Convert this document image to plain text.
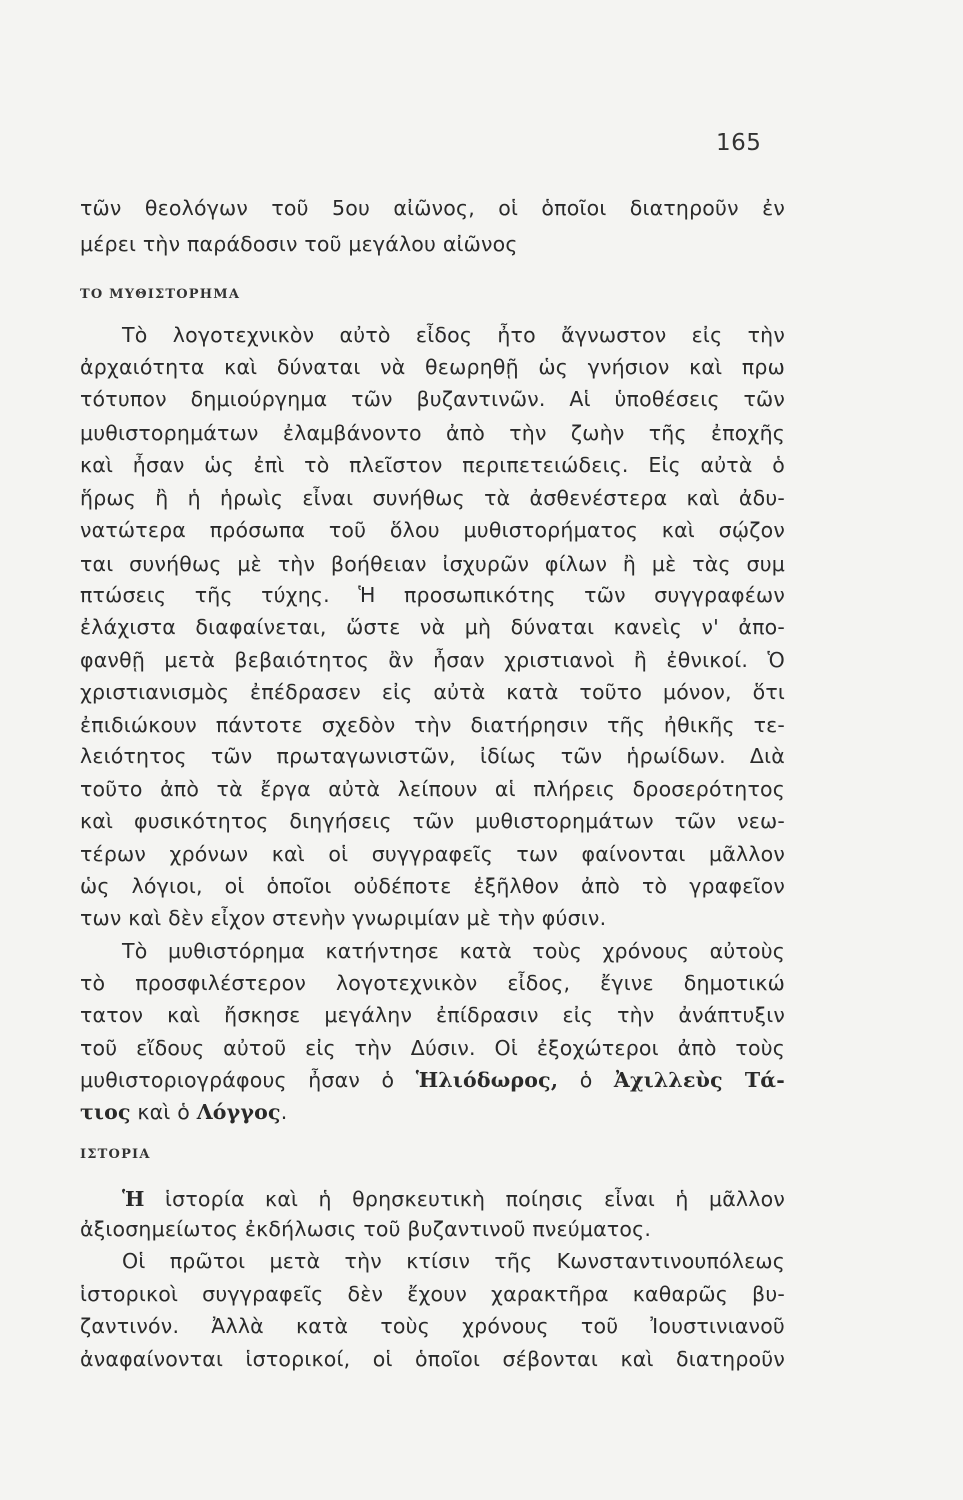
165
τῶν θεολόγων τοῦ 5ου αἰῶνος, οἱ ὁποῖοι διατηροῦν ἐν
μέρει τὴν παράδοσιν τοῦ μεγάλου αἰῶνος
ΤΟ ΜΥΘΙΣΤΟΡΗΜΑ
Τὸ λογοτεχνικὸν αὐτὸ εἶδος ἦτο ἄγνωστον εἰς τὴν
ἀρχαιότητα καὶ δύναται νὰ θεωρηθῇ ὡς γνήσιον καὶ πρω
τότυπον δημιούργημα τῶν βυζαντινῶν. Αἱ ὑποθέσεις τῶν
μυθιστορημάτων ἐλαμβάνοντο ἀπὸ τὴν ζωὴν τῆς ἐποχῆς
καὶ ἦσαν ὡς ἐπὶ τὸ πλεῖστον περιπετειώδεις. Εἰς αὐτὰ ὁ
ἥρως ἢ ἡ ἡρωὶς εἶναι συνήθως τὰ ἀσθενέστερα καὶ ἀδυ-
νατώτερα πρόσωπα τοῦ ὅλου μυθιστορήματος καὶ σῴζον
ται συνήθως μὲ τὴν βοήθειαν ἰσχυρῶν φίλων ἢ μὲ τὰς συμ
πτώσεις τῆς τύχης. Ἡ προσωπικότης τῶν συγγραφέων
ἐλάχιστα διαφαίνεται, ὥστε νὰ μὴ δύναται κανεὶς ν' ἀπο-
φανθῇ μετὰ βεβαιότητος ἂν ἦσαν χριστιανοὶ ἢ ἐθνικοί. Ὁ
χριστιανισμὸς ἐπέδρασεν εἰς αὐτὰ κατὰ τοῦτο μόνον, ὅτι
ἐπιδιώκουν πάντοτε σχεδὸν τὴν διατήρησιν τῆς ἠθικῆς τε-
λειότητος τῶν πρωταγωνιστῶν, ἰδίως τῶν ἡρωίδων. Διὰ
τοῦτο ἀπὸ τὰ ἔργα αὐτὰ λείπουν αἱ πλήρεις δροσερότητος
καὶ φυσικότητος διηγήσεις τῶν μυθιστορημάτων τῶν νεω-
τέρων χρόνων καὶ οἱ συγγραφεῖς των φαίνονται μᾶλλον
ὡς λόγιοι, οἱ ὁποῖοι οὐδέποτε ἐξῆλθον ἀπὸ τὸ γραφεῖον
των καὶ δὲν εἶχον στενὴν γνωριμίαν μὲ τὴν φύσιν.
Τὸ μυθιστόρημα κατήντησε κατὰ τοὺς χρόνους αὐτοὺς
τὸ προσφιλέστερον λογοτεχνικὸν εἶδος, ἔγινε δημοτικώ
τατον καὶ ἤσκησε μεγάλην ἐπίδρασιν εἰς τὴν ἀνάπτυξιν
τοῦ εἴδους αὐτοῦ εἰς τὴν Δύσιν. Οἱ ἐξοχώτεροι ἀπὸ τοὺς
μυθιστοριογράφους ἦσαν ὁ Ἡλιόδωρος, ὁ Ἀχιλλεὺς Τά-
τιος καὶ ὁ Λόγγος.
ΙΣΤΟΡΙΑ
Ἡ ἱστορία καὶ ἡ θρησκευτικὴ ποίησις εἶναι ἡ μᾶλλον
ἀξιοσημείωτος ἐκδήλωσις τοῦ βυζαντινοῦ πνεύματος.
Οἱ πρῶτοι μετὰ τὴν κτίσιν τῆς Κωνσταντινουπόλεως
ἱστορικοὶ συγγραφεῖς δὲν ἔχουν χαρακτῆρα καθαρῶς βυ-
ζαντινόν. Ἀλλὰ κατὰ τοὺς χρόνους τοῦ Ἰουστινιανοῦ
ἀναφαίνονται ἱστορικοί, οἱ ὁποῖοι σέβονται καὶ διατηροῦν
